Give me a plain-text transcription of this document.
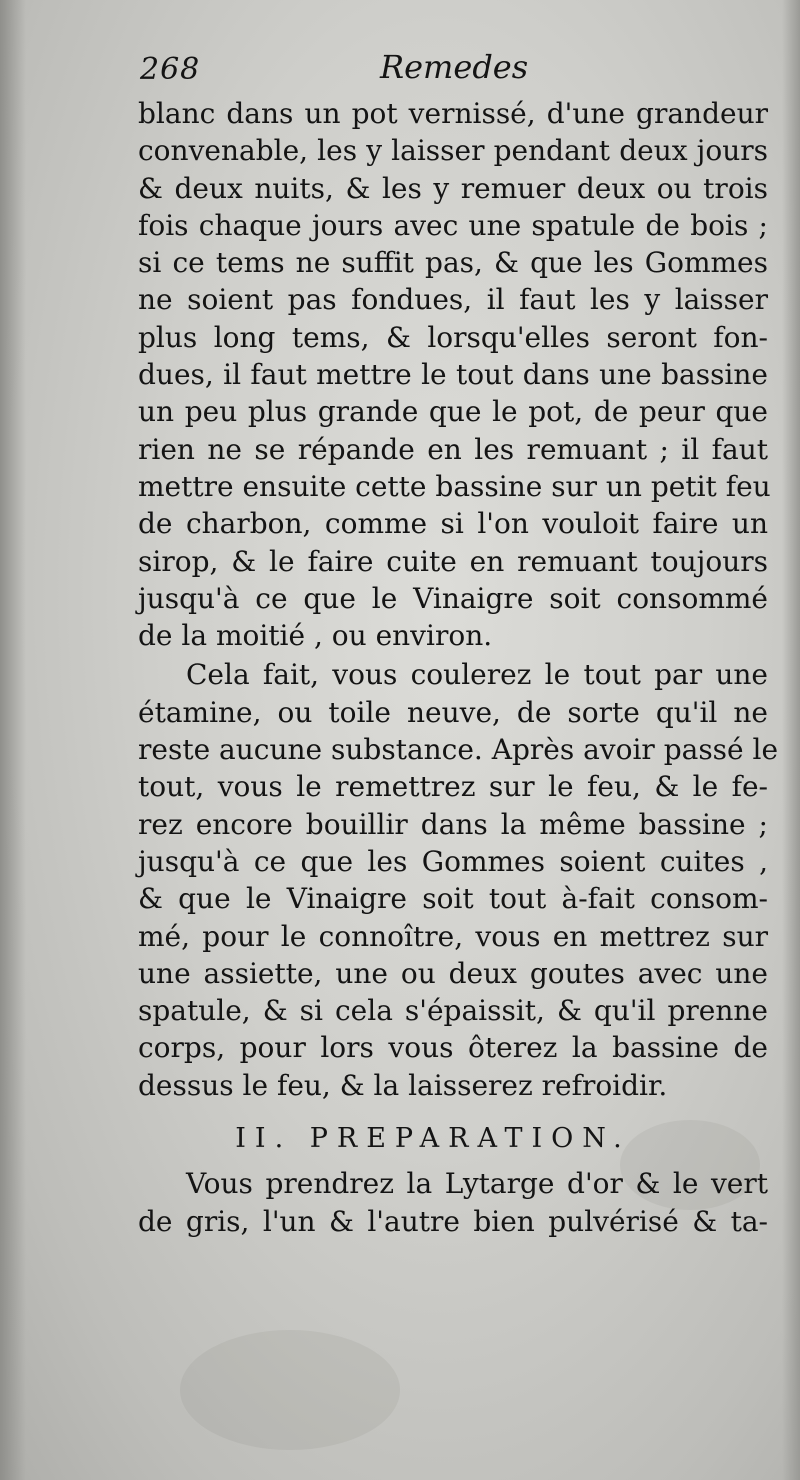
268	Remedes
blanc dans un pot vernissé, d'une grandeur
convenable, les y laisser pendant deux jours
& deux nuits, & les y remuer deux ou trois
fois chaque jours avec une spatule de bois ;
si ce tems ne suffit pas, & que les Gommes
ne soient pas fondues, il faut les y laisser
plus long tems, & lorsqu'elles seront fon-
dues, il faut mettre le tout dans une bassine
un peu plus grande que le pot, de peur que
rien ne se répande en les remuant ; il faut
mettre ensuite cette bassine sur un petit feu
de charbon, comme si l'on vouloit faire un
sirop, & le faire cuite en remuant toujours
jusqu'à ce que le Vinaigre soit consommé
de la moitié , ou environ.
Cela fait, vous coulerez le tout par une
étamine, ou toile neuve, de sorte qu'il ne
reste aucune substance. Après avoir passé le
tout, vous le remettrez sur le feu, & le fe-
rez encore bouillir dans la même bassine ;
jusqu'à ce que les Gommes soient cuites ,
& que le Vinaigre soit tout à-fait consom-
mé, pour le connoître, vous en mettrez sur
une assiette, une ou deux goutes avec une
spatule, & si cela s'épaissit, & qu'il prenne
corps, pour lors vous ôterez la bassine de
dessus le feu, & la laisserez refroidir.
II. PREPARATION.
Vous prendrez la Lytarge d'or & le vert
de gris, l'un & l'autre bien pulvérisé & ta-
